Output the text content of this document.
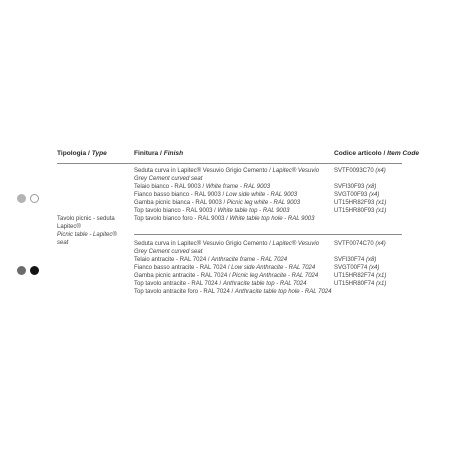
Tipologia / Type	Finitura / Finish	Codice articolo / Item Code
Tavolo picnic - seduta
Lapitec®
Picnic table - Lapitec®
seat
Seduta curva in Lapitec® Vesuvio Grigio Cemento / Lapitec® Vesuvio
Grey Cement curved seat
Telaio bianco - RAL 9003 / White frame - RAL 9003
Fianco basso bianco - RAL 9003 / Low side white - RAL 9003
Gamba picnic bianca - RAL 9003 / Picnic leg white - RAL 9003
Top tavolo bianco - RAL 9003 / White table top - RAL 9003
Top tavolo bianco foro - RAL 9003 / White table top hole - RAL 9003
SVTF0093C70 (x4)
SVFI30F93 (x8)
SVGT00F93 (x4)
UT15HR82F93 (x1)
UT15HR80F93 (x1)
Seduta curva in Lapitec® Vesuvio Grigio Cemento / Lapitec® Vesuvio
Grey Cement curved seat
Telaio antracite - RAL 7024 / Anthracite frame - RAL 7024
Fianco basso antracite - RAL 7024 / Low side Anthracite - RAL 7024
Gamba picnic antracite - RAL 7024 / Picnic leg Anthracite - RAL 7024
Top tavolo antracite - RAL 7024 / Anthracite table top - RAL 7024
Top tavolo antracite foro - RAL 7024 / Anthracite table top hole - RAL 7024
SVTF0074C70 (x4)
SVFI30F74 (x8)
SVGT00F74 (x4)
UT15HR82F74 (x1)
UT15HR80F74 (x1)
